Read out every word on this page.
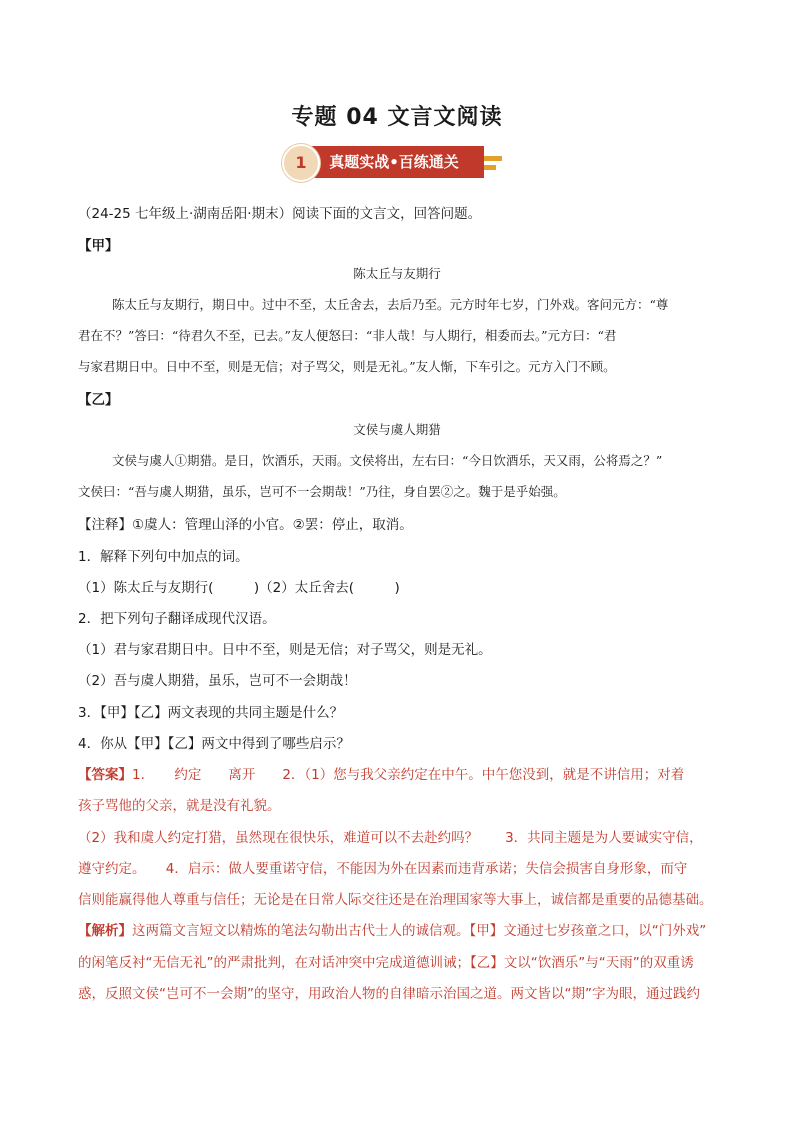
专题 04 文言文阅读
真题实战•百练通关
1
（24-25 七年级上·湖南岳阳·期末）阅读下面的文言文，回答问题。
【甲】
陈太丘与友期行
陈太丘与友期行，期日中。过中不至，太丘舍去，去后乃至。元方时年七岁，门外戏。客问元方：“尊
君在不？”答曰：“待君久不至，已去。”友人便怒曰：“非人哉！与人期行，相委而去。”元方曰：“君
与家君期日中。日中不至，则是无信；对子骂父，则是无礼。”友人惭，下车引之。元方入门不顾。
【乙】
文侯与虞人期猎
文侯与虞人①期猎。是日，饮酒乐，天雨。文侯将出，左右曰：“今日饮酒乐，天又雨，公将焉之？”
文侯曰：“吾与虞人期猎，虽乐，岂可不一会期哉！”乃往，身自罢②之。魏于是乎始强。
【注释】①虞人：管理山泽的小官。②罢：停止，取消。
1．解释下列句中加点的词。
（1）陈太丘与友期行(　　　)（2）太丘舍去(　　　)
2．把下列句子翻译成现代汉语。
（1）君与家君期日中。日中不至，则是无信；对子骂父，则是无礼。
（2）吾与虞人期猎，虽乐，岂可不一会期哉！
3．【甲】【乙】两文表现的共同主题是什么？
4．你从【甲】【乙】两文中得到了哪些启示？
【答案】1．　　约定　　离开　　2．（1）您与我父亲约定在中午。中午您没到，就是不讲信用；对着
孩子骂他的父亲，就是没有礼貌。
（2）我和虞人约定打猎，虽然现在很快乐，难道可以不去赴约吗？　　3．共同主题是为人要诚实守信，
遵守约定。　　4．启示：做人要重诺守信，不能因为外在因素而违背承诺；失信会损害自身形象，而守
信则能赢得他人尊重与信任；无论是在日常人际交往还是在治理国家等大事上，诚信都是重要的品德基础。
【解析】这两篇文言短文以精炼的笔法勾勒出古代士人的诚信观。【甲】文通过七岁孩童之口，以“门外戏”
的闲笔反衬“无信无礼”的严肃批判，在对话冲突中完成道德训诫；【乙】文以“饮酒乐”与“天雨”的双重诱
惑，反照文侯“岂可不一会期”的坚守，用政治人物的自律暗示治国之道。两文皆以“期”字为眼，通过践约
